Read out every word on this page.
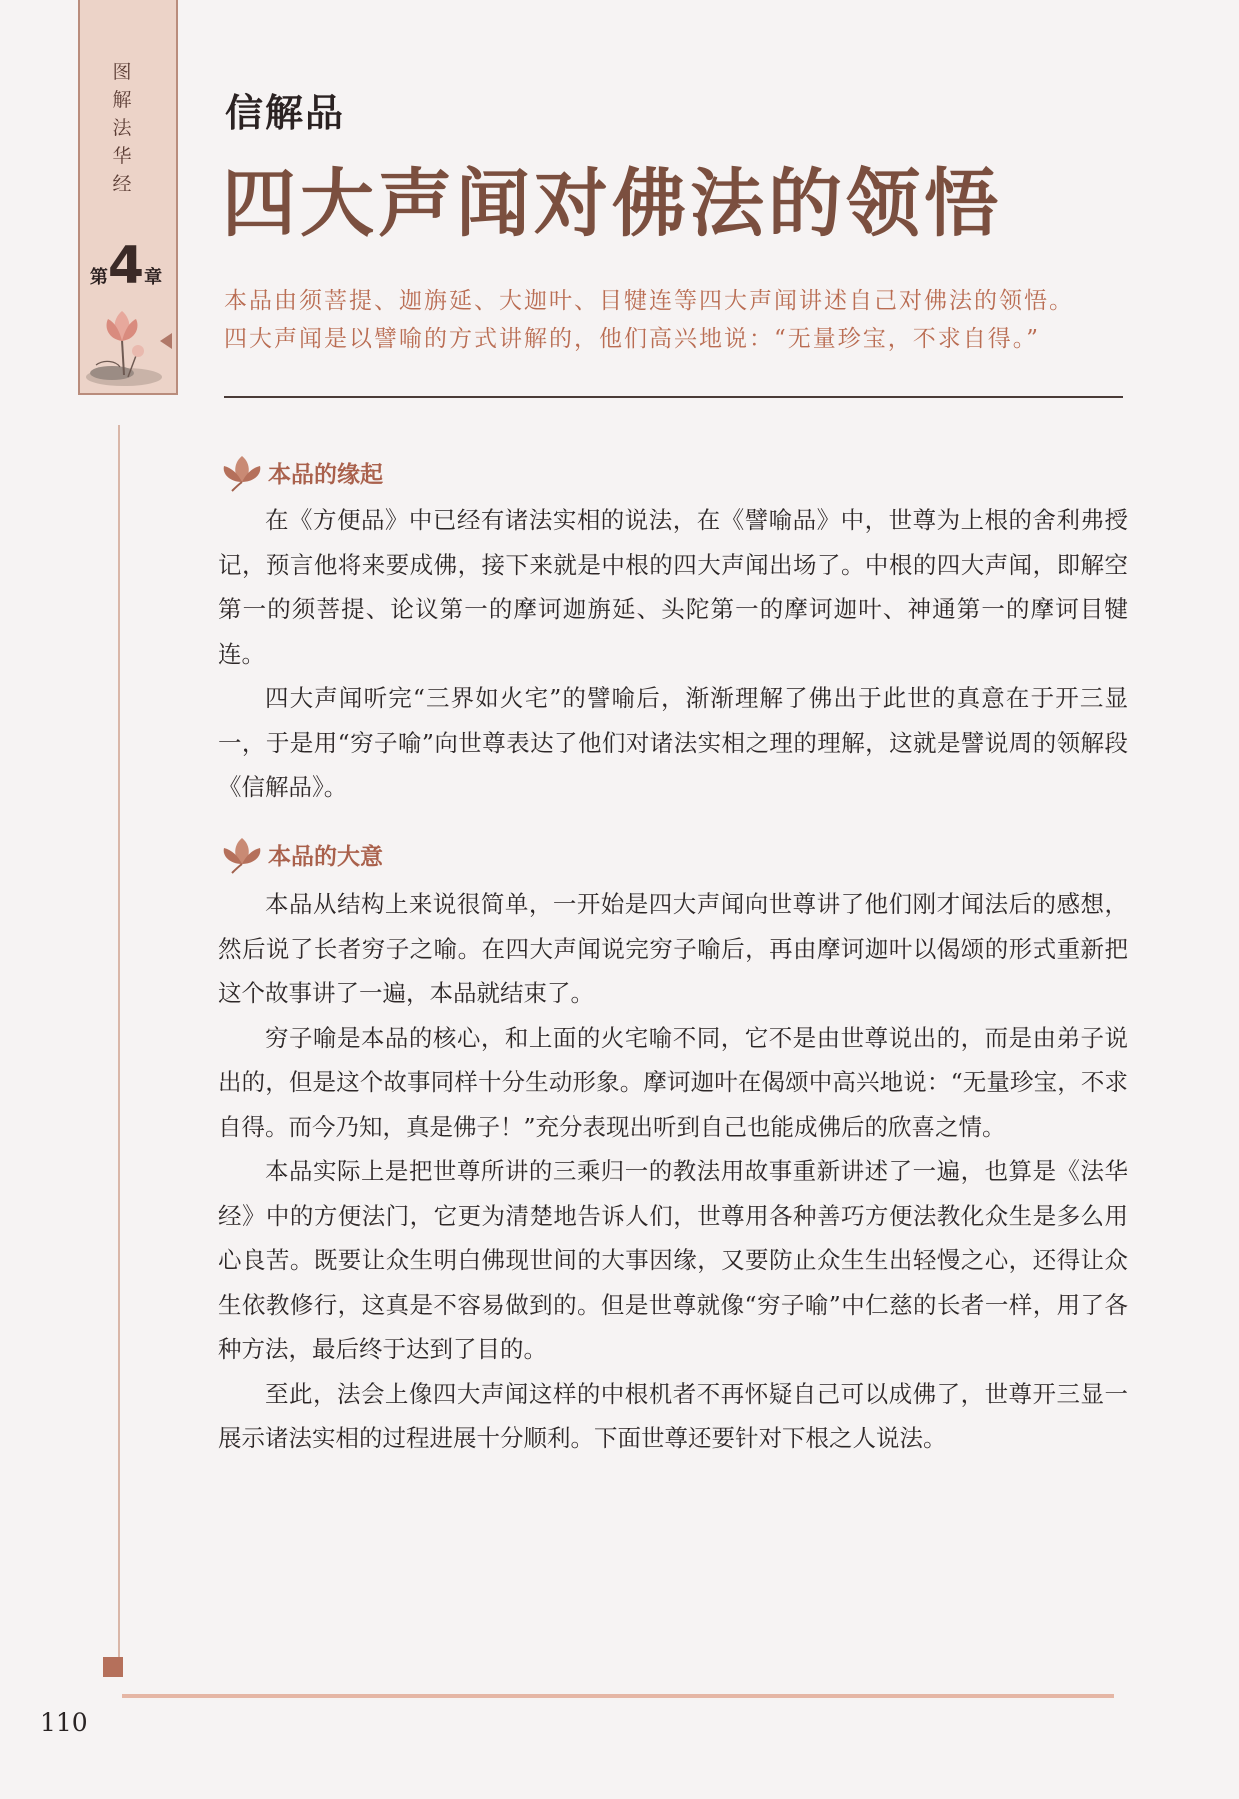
图
解
法
华
经
第 4 章
信解品
四大声闻对佛法的领悟

本品由须菩提、迦旃延、大迦叶、目犍连等四大声闻讲述自己对佛法的领悟。

四大声闻是以譬喻的方式讲解的，他们高兴地说：“无量珍宝，不求自得。”

本品的缘起

在《方便品》中已经有诸法实相的说法，在《譬喻品》中，世尊为上根的舍利弗授记，预言他将来要成佛，接下来就是中根的四大声闻出场了。中根的四大声闻，即解空第一的须菩提、论议第一的摩诃迦旃延、头陀第一的摩诃迦叶、神通第一的摩诃目犍连。

四大声闻听完“三界如火宅”的譬喻后，渐渐理解了佛出于此世的真意在于开三显一，于是用“穷子喻”向世尊表达了他们对诸法实相之理的理解，这就是譬说周的领解段《信解品》。

本品的大意

本品从结构上来说很简单，一开始是四大声闻向世尊讲了他们刚才闻法后的感想，然后说了长者穷子之喻。在四大声闻说完穷子喻后，再由摩诃迦叶以偈颂的形式重新把这个故事讲了一遍，本品就结束了。

穷子喻是本品的核心，和上面的火宅喻不同，它不是由世尊说出的，而是由弟子说出的，但是这个故事同样十分生动形象。摩诃迦叶在偈颂中高兴地说：“无量珍宝，不求自得。而今乃知，真是佛子！”充分表现出听到自己也能成佛后的欣喜之情。

本品实际上是把世尊所讲的三乘归一的教法用故事重新讲述了一遍，也算是《法华经》中的方便法门，它更为清楚地告诉人们，世尊用各种善巧方便法教化众生是多么用心良苦。既要让众生明白佛现世间的大事因缘，又要防止众生生出轻慢之心，还得让众生依教修行，这真是不容易做到的。但是世尊就像“穷子喻”中仁慈的长者一样，用了各种方法，最后终于达到了目的。

至此，法会上像四大声闻这样的中根机者不再怀疑自己可以成佛了，世尊开三显一展示诸法实相的过程进展十分顺利。下面世尊还要针对下根之人说法。

110
